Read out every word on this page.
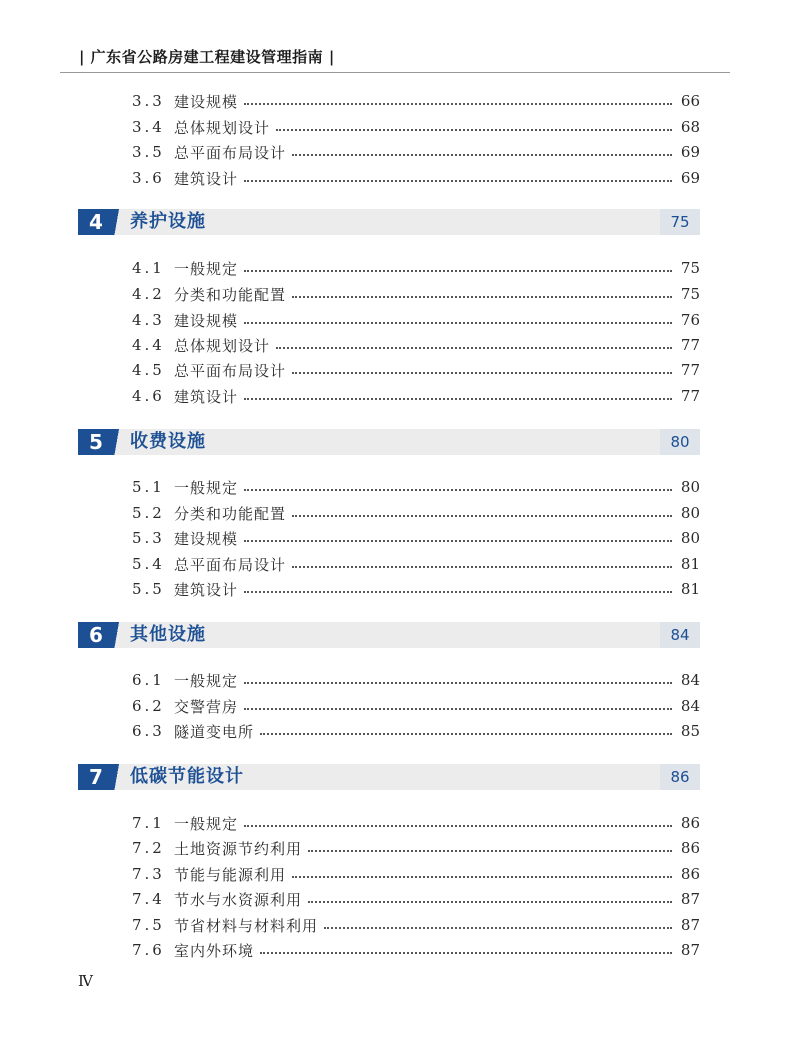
| 广东省公路房建工程建设管理指南 |
3.3 建设规模	66
3.4 总体规划设计	68
3.5 总平面布局设计	69
3.6 建筑设计	69
4	养护设施	75
4.1 一般规定	75
4.2 分类和功能配置	75
4.3 建设规模	76
4.4 总体规划设计	77
4.5 总平面布局设计	77
4.6 建筑设计	77
5	收费设施	80
5.1 一般规定	80
5.2 分类和功能配置	80
5.3 建设规模	80
5.4 总平面布局设计	81
5.5 建筑设计	81
6	其他设施	84
6.1 一般规定	84
6.2 交警营房	84
6.3 隧道变电所	85
7	低碳节能设计	86
7.1 一般规定	86
7.2 土地资源节约利用	86
7.3 节能与能源利用	86
7.4 节水与水资源利用	87
7.5 节省材料与材料利用	87
7.6 室内外环境	87
Ⅳ
